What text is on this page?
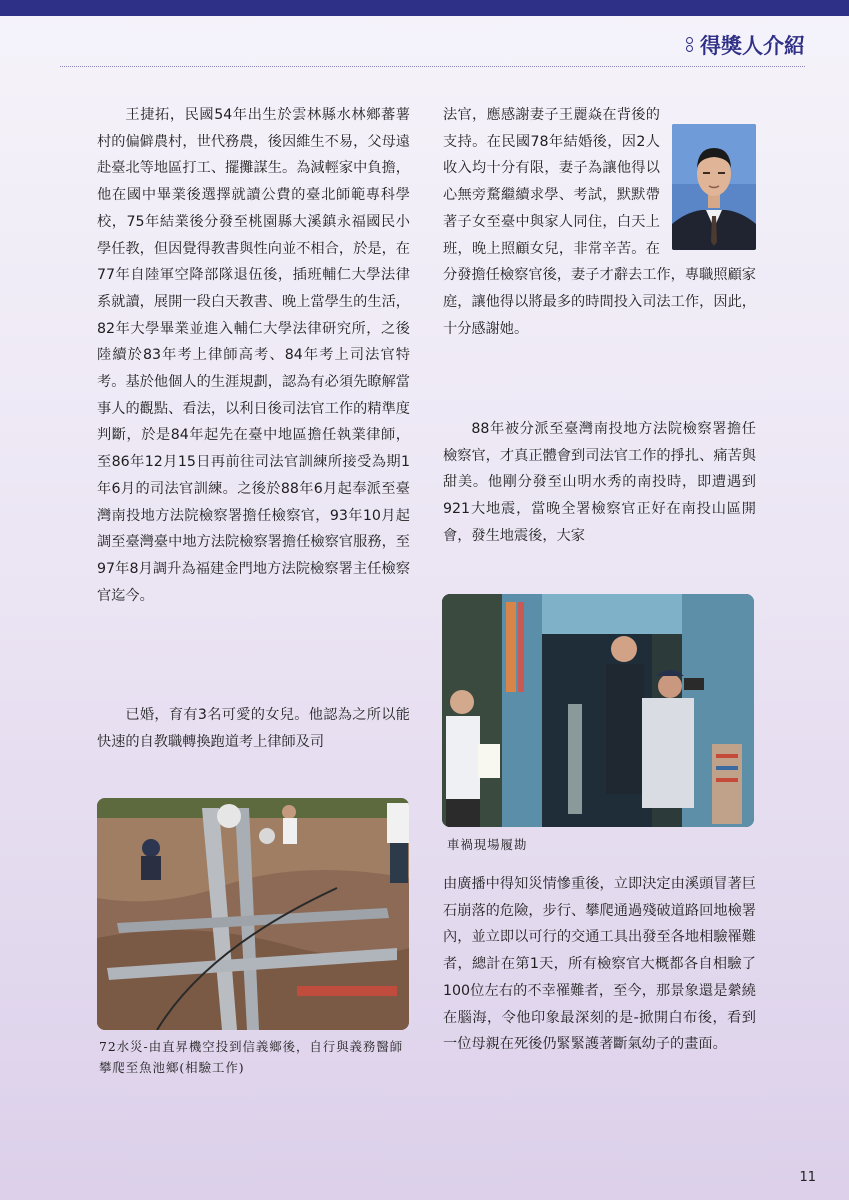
得獎人介紹

王捷拓，民國54年出生於雲林縣水林鄉蕃薯村的偏僻農村，世代務農，後因維生不易，父母遠赴臺北等地區打工、擺攤謀生。為減輕家中負擔，他在國中畢業後選擇就讀公費的臺北師範專科學校，75年結業後分發至桃園縣大溪鎮永福國民小學任教，但因覺得教書與性向並不相合，於是，在77年自陸軍空降部隊退伍後，插班輔仁大學法律系就讀，展開一段白天教書、晚上當學生的生活，82年大學畢業並進入輔仁大學法律研究所，之後陸續於83年考上律師高考、84年考上司法官特考。基於他個人的生涯規劃，認為有必須先瞭解當事人的觀點、看法，以利日後司法官工作的精準度判斷，於是84年起先在臺中地區擔任執業律師，至86年12月15日再前往司法官訓練所接受為期1年6月的司法官訓練。之後於88年6月起奉派至臺灣南投地方法院檢察署擔任檢察官，93年10月起調至臺灣臺中地方法院檢察署擔任檢察官服務，至97年8月調升為福建金門地方法院檢察署主任檢察官迄今。

已婚，育有3名可愛的女兒。他認為之所以能快速的自教職轉換跑道考上律師及司

法官，應感謝妻子王麗焱在背後的支持。在民國78年結婚後，因2人收入均十分有限，妻子為讓他得以心無旁騖繼續求學、考試，默默帶著子女至臺中與家人同住，白天上班，晚上照顧女兒，非常辛苦。在分發擔任檢察官後，妻子才辭去工作，專職照顧家庭，讓他得以將最多的時間投入司法工作，因此，十分感謝她。

88年被分派至臺灣南投地方法院檢察署擔任檢察官，才真正體會到司法官工作的掙扎、痛苦與甜美。他剛分發至山明水秀的南投時，即遭遇到921大地震，當晚全署檢察官正好在南投山區開會，發生地震後，大家

車禍現場履勘

由廣播中得知災情慘重後，立即決定由溪頭冒著巨石崩落的危險，步行、攀爬通過殘破道路回地檢署內，並立即以可行的交通工具出發至各地相驗罹難者，總計在第1天，所有檢察官大概都各自相驗了100位左右的不幸罹難者，至今，那景象還是縈繞在腦海，令他印象最深刻的是-掀開白布後，看到一位母親在死後仍緊緊護著斷氣幼子的畫面。

72水災-由直昇機空投到信義鄉後，自行與義務醫師攀爬至魚池鄉(相驗工作)

11
